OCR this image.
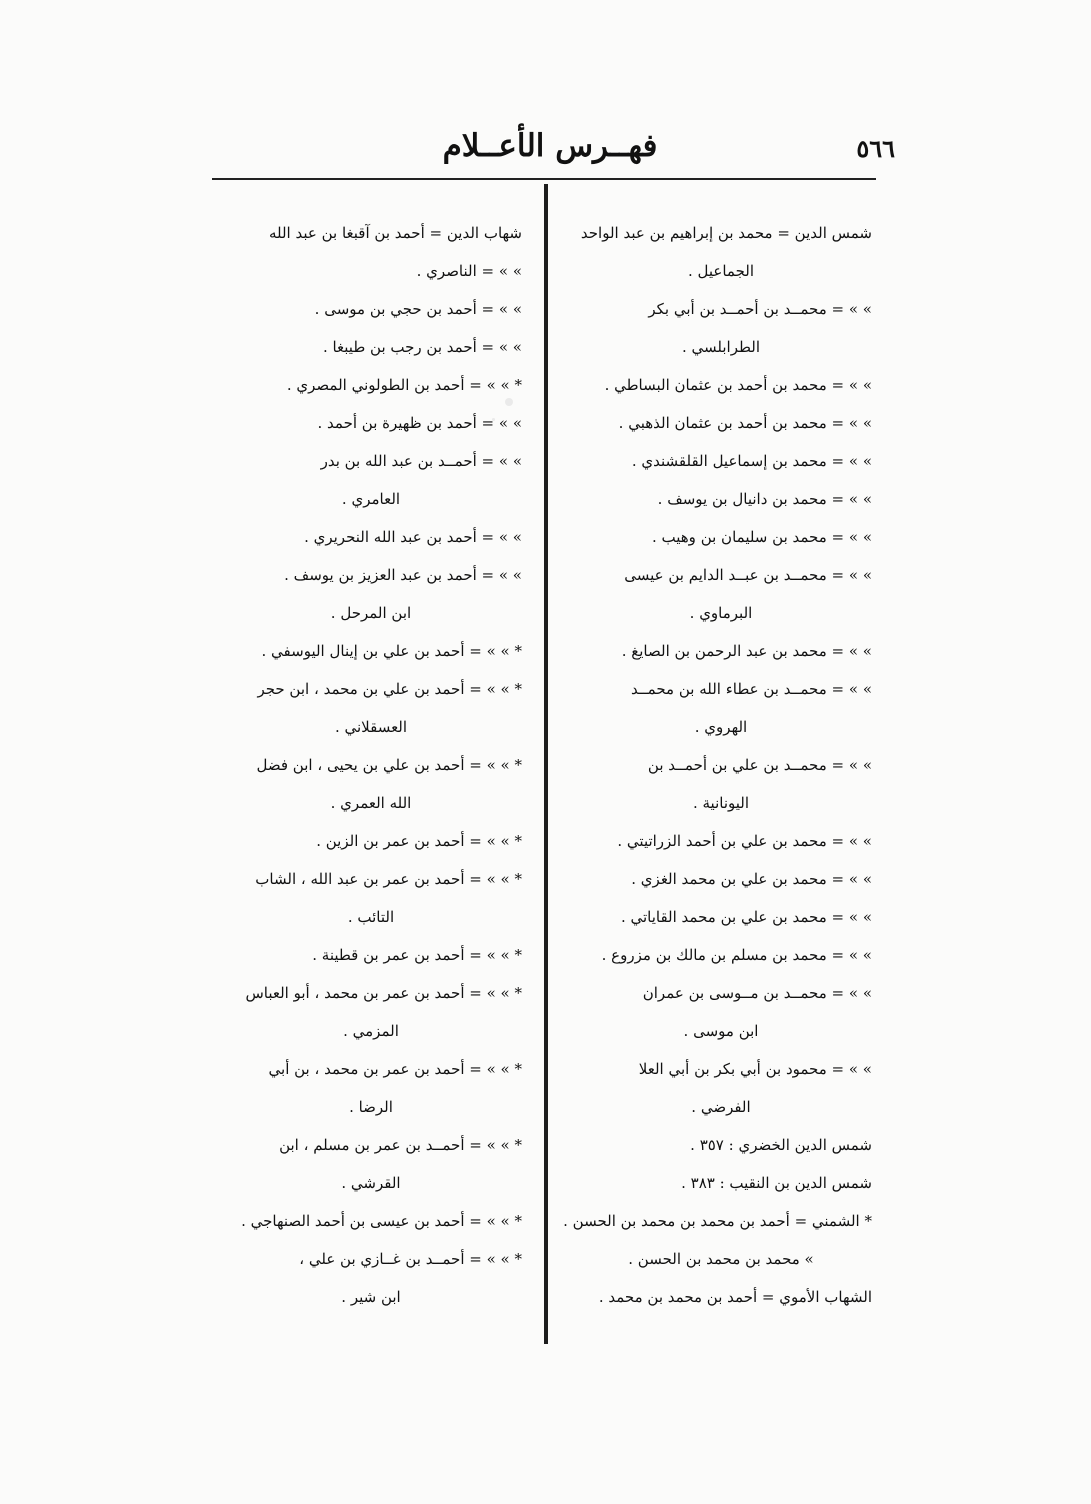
فهــرس الأعــلام	٥٦٦
شمس الدين = محمد بن إبراهيم بن عبد الواحد
الجماعيل .
» » = محمــد بن أحمــد بن أبي بكر
الطرابلسي .
» » = محمد بن أحمد بن عثمان البساطي .
» » = محمد بن أحمد بن عثمان الذهبي .
» » = محمد بن إسماعيل القلقشندي .
» » = محمد بن دانيال بن يوسف .
» » = محمد بن سليمان بن وهيب .
» » = محمــد بن عبــد الدايم بن عيسى
البرماوي .
» » = محمد بن عبد الرحمن بن الصايغ .
» » = محمــد بن عطاء الله بن محمــد
الهروي .
» » = محمــد بن علي بن أحمــد بن
اليونانية .
» » = محمد بن علي بن أحمد الزراتيتي .
» » = محمد بن علي بن محمد الغزي .
» » = محمد بن علي بن محمد القاياتي .
» » = محمد بن مسلم بن مالك بن مزروع .
» » = محمــد بن مــوسى بن عمران
ابن موسى .
» » = محمود بن أبي بكر بن أبي العلا
الفرضي .
شمس الدين الخضري : ٣٥٧ .
شمس الدين بن النقيب : ٣٨٣ .
* الشمني = أحمد بن محمد بن محمد بن الحسن .
» محمد بن محمد بن الحسن .
الشهاب الأموي = أحمد بن محمد بن محمد .
شهاب الدين = أحمد بن آقبغا بن عبد الله
» » = الناصري .
» » = أحمد بن حجي بن موسى .
» » = أحمد بن رجب بن طيبغا .
* » » = أحمد بن الطولوني المصري .
» » = أحمد بن ظهيرة بن أحمد .
» » = أحمــد بن عبد الله بن بدر
العامري .
» » = أحمد بن عبد الله النحريري .
» » = أحمد بن عبد العزيز بن يوسف .
ابن المرحل .
* » » = أحمد بن علي بن إينال اليوسفي .
* » » = أحمد بن علي بن محمد ، ابن حجر
العسقلاني .
* » » = أحمد بن علي بن يحيى ، ابن فضل
الله العمري .
* » » = أحمد بن عمر بن الزين .
* » » = أحمد بن عمر بن عبد الله ، الشاب
التائب .
* » » = أحمد بن عمر بن قطينة .
* » » = أحمد بن عمر بن محمد ، أبو العباس
المزمي .
* » » = أحمد بن عمر بن محمد ، بن أبي
الرضا .
* » » = أحمــد بن عمر بن مسلم ، ابن
القرشي .
* » » = أحمد بن عيسى بن أحمد الصنهاجي .
* » » = أحمــد بن غــازي بن علي ،
ابن شير .
